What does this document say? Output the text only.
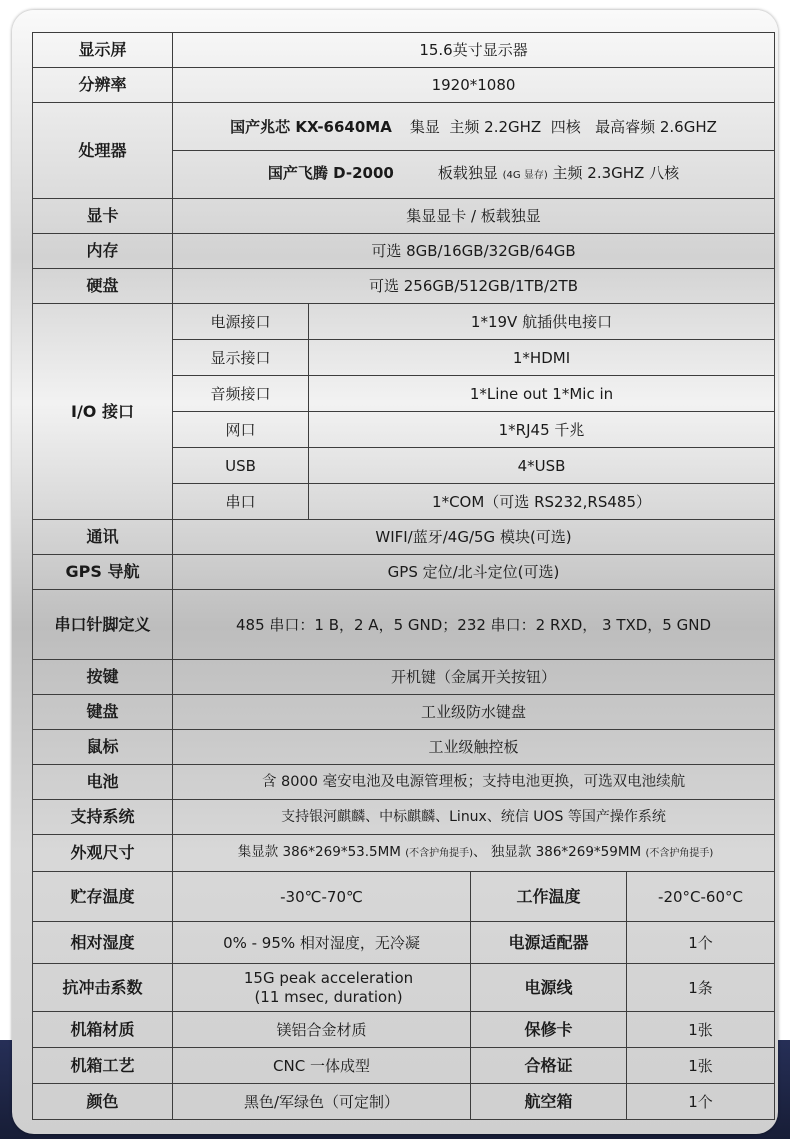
显示屏	15.6英寸显示器			
分辨率	1920*1080			
处理器	国产兆芯 KX-6640MA 集显 主频 2.2GHZ 四核 最高睿频 2.6GHZ			
	国产飞腾 D-2000 板载独显 (4G 显存) 主频 2.3GHZ 八核			
显卡	集显显卡 / 板载独显			
内存	可选 8GB/16GB/32GB/64GB			
硬盘	可选 256GB/512GB/1TB/2TB			
I/O 接口	电源接口	1*19V 航插供电接口		
	显示接口	1*HDMI		
	音频接口	1*Line out 1*Mic in		
	网口	1*RJ45 千兆		
	USB	4*USB		
	串口	1*COM（可选 RS232,RS485）		
通讯	WIFI/蓝牙/4G/5G 模块(可选)			
GPS 导航	GPS 定位/北斗定位(可选)			
串口针脚定义	485 串口：1 B，2 A，5 GND；232 串口：2 RXD， 3 TXD，5 GND			
按键	开机键（金属开关按钮）			
键盘	工业级防水键盘			
鼠标	工业级触控板			
电池	含 8000 毫安电池及电源管理板；支持电池更换，可选双电池续航			
支持系统	支持银河麒麟、中标麒麟、Linux、统信 UOS 等国产操作系统			
外观尺寸	集显款 386*269*53.5MM (不含护角提手)、 独显款 386*269*59MM (不含护角提手)			
贮存温度	-30℃-70℃		工作温度	-20°C-60°C
相对湿度	0% - 95% 相对湿度，无冷凝		电源适配器	1个
抗冲击系数	15G peak acceleration
(11 msec, duration)		电源线	1条
机箱材质	镁铝合金材质		保修卡	1张
机箱工艺	CNC 一体成型		合格证	1张
颜色	黑色/军绿色（可定制）		航空箱	1个
